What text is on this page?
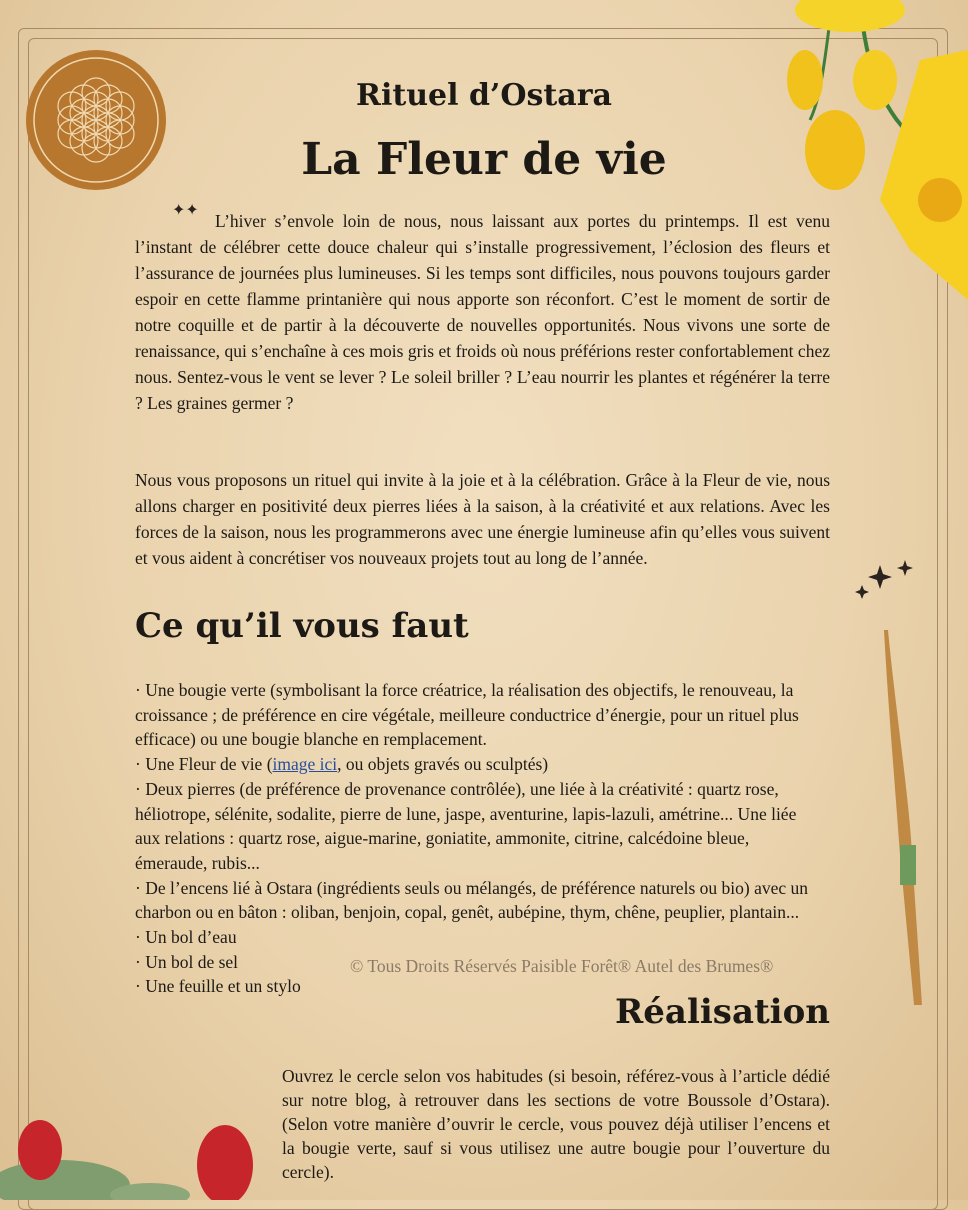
Rituel d’Ostara
La Fleur de vie
✦✦

L’hiver s’envole loin de nous, nous laissant aux portes du printemps. Il est venu l’instant de célébrer cette douce chaleur qui s’installe progressivement, l’éclosion des fleurs et l’assurance de journées plus lumineuses. Si les temps sont difficiles, nous pouvons toujours garder espoir en cette flamme printanière qui nous apporte son réconfort. C’est le moment de sortir de notre coquille et de partir à la découverte de nouvelles opportunités. Nous vivons une sorte de renaissance, qui s’enchaîne à ces mois gris et froids où nous préférions rester confortablement chez nous. Sentez-vous le vent se lever ? Le soleil briller ? L’eau nourrir les plantes et régénérer la terre ? Les graines germer ?

Nous vous proposons un rituel qui invite à la joie et à la célébration. Grâce à la Fleur de vie, nous allons charger en positivité deux pierres liées à la saison, à la créativité et aux relations. Avec les forces de la saison, nous les programmerons avec une énergie lumineuse afin qu’elles vous suivent et vous aident à concrétiser vos nouveaux projets tout au long de l’année.

Ce qu’il vous faut
· Une bougie verte (symbolisant la force créatrice, la réalisation des objectifs, le renouveau, la croissance ; de préférence en cire végétale, meilleure conductrice d’énergie, pour un rituel plus efficace) ou une bougie blanche en remplacement.
· Une Fleur de vie (image ici, ou objets gravés ou sculptés)
· Deux pierres (de préférence de provenance contrôlée), une liée à la créativité : quartz rose, héliotrope, sélénite, sodalite, pierre de lune, jaspe, aventurine, lapis-lazuli, amétrine... Une liée aux relations : quartz rose, aigue-marine, goniatite, ammonite, citrine, calcédoine bleue, émeraude, rubis...
· De l’encens lié à Ostara (ingrédients seuls ou mélangés, de préférence naturels ou bio) avec un charbon ou en bâton : oliban, benjoin, copal, genêt, aubépine, thym, chêne, peuplier, plantain...
· Un bol d’eau
· Un bol de sel
· Une feuille et un stylo
© Tous Droits Réservés Paisible Forêt® Autel des Brumes®
Réalisation

Ouvrez le cercle selon vos habitudes (si besoin, référez-vous à l’article dédié sur notre blog, à retrouver dans les sections de votre Boussole d’Ostara). (Selon votre manière d’ouvrir le cercle, vous pouvez déjà utiliser l’encens et la bougie verte, sauf si vous utilisez une autre bougie pour l’ouverture du cercle).
